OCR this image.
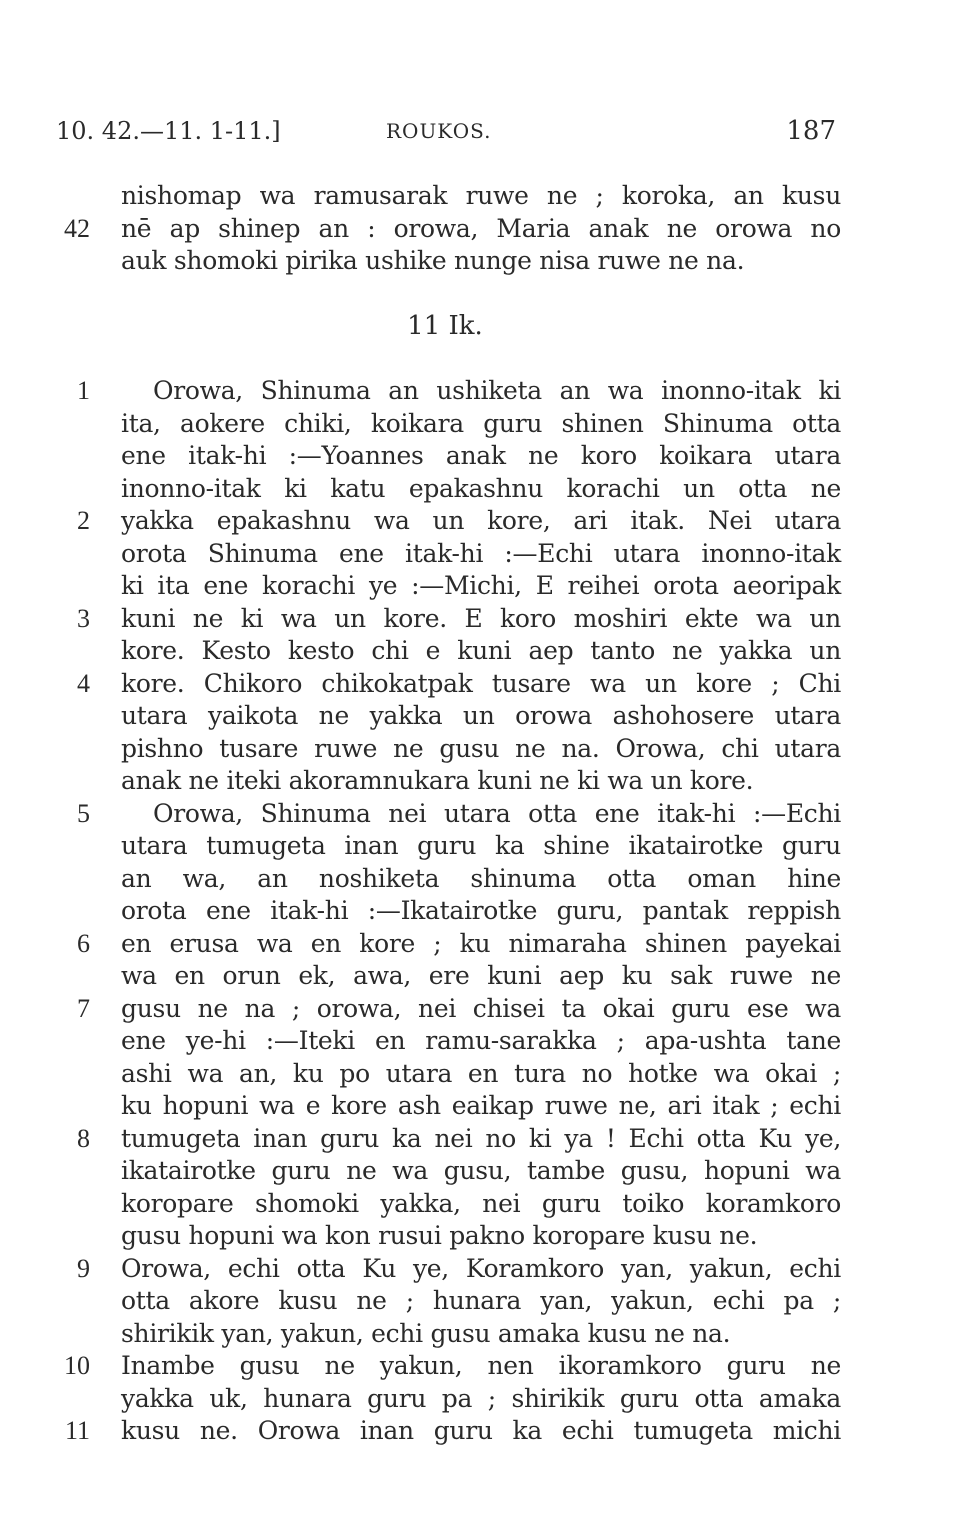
10. 42.—11. 1-11.]	ROUKOS.	187
nishomap wa ramusarak ruwe ne ; koroka, an kusu
42 nē ap shinep an : orowa, Maria anak ne orowa no
auk shomoki pirika ushike nunge nisa ruwe ne na.
11 Ik.
1	Orowa, Shinuma an ushiketa an wa inonno-itak ki
ita, aokere chiki, koikara guru shinen Shinuma otta
ene itak-hi :—Yoannes anak ne koro koikara utara
inonno-itak ki katu epakashnu korachi un otta ne
2 yakka epakashnu wa un kore, ari itak. Nei utara
orota Shinuma ene itak-hi :—Echi utara inonno-itak
ki ita ene korachi ye :—Michi, E reihei orota aeoripak
3 kuni ne ki wa un kore. E koro moshiri ekte wa un
kore. Kesto kesto chi e kuni aep tanto ne yakka un
4 kore. Chikoro chikokatpak tusare wa un kore ; Chi
utara yaikota ne yakka un orowa ashohosere utara
pishno tusare ruwe ne gusu ne na. Orowa, chi utara
anak ne iteki akoramnukara kuni ne ki wa un kore.
5	Orowa, Shinuma nei utara otta ene itak-hi :—Echi
utara tumugeta inan guru ka shine ikatairotke guru
an wa, an noshiketa shinuma otta oman hine
orota ene itak-hi :—Ikatairotke guru, pantak reppish
6 en erusa wa en kore ; ku nimaraha shinen payekai
wa en orun ek, awa, ere kuni aep ku sak ruwe ne
7 gusu ne na ; orowa, nei chisei ta okai guru ese wa
ene ye-hi :—Iteki en ramu-sarakka ; apa-ushta tane
ashi wa an, ku po utara en tura no hotke wa okai ;
ku hopuni wa e kore ash eaikap ruwe ne, ari itak ; echi
8 tumugeta inan guru ka nei no ki ya ! Echi otta Ku ye,
ikatairotke guru ne wa gusu, tambe gusu, hopuni wa
koropare shomoki yakka, nei guru toiko koramkoro
gusu hopuni wa kon rusui pakno koropare kusu ne.
9 Orowa, echi otta Ku ye, Koramkoro yan, yakun, echi
otta akore kusu ne ; hunara yan, yakun, echi pa ;
shirikik yan, yakun, echi gusu amaka kusu ne na.
10 Inambe gusu ne yakun, nen ikoramkoro guru ne
yakka uk, hunara guru pa ; shirikik guru otta amaka
11 kusu ne. Orowa inan guru ka echi tumugeta michi
